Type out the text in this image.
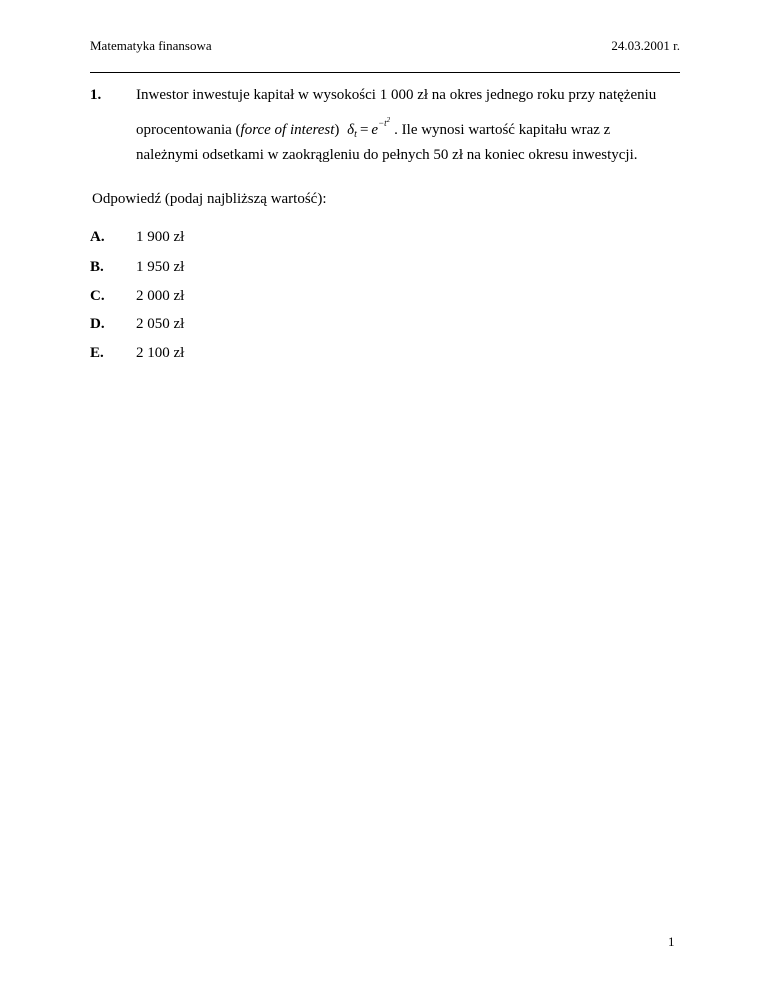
Matematyka finansowa	24.03.2001 r.
1. Inwestor inwestuje kapitał w wysokości 1 000 zł na okres jednego roku przy natężeniu
oprocentowania (force of interest) $\delta_t = e^{-t2}$. Ile wynosi wartość kapitału wraz z
należnymi odsetkami w zaokrągleniu do pełnych 50 zł na koniec okresu inwestycji.
Odpowiedź (podaj najbliższą wartość):
A. 1 900 zł
B. 1 950 zł
C. 2 000 zł
D. 2 050 zł
E. 2 100 zł
1
